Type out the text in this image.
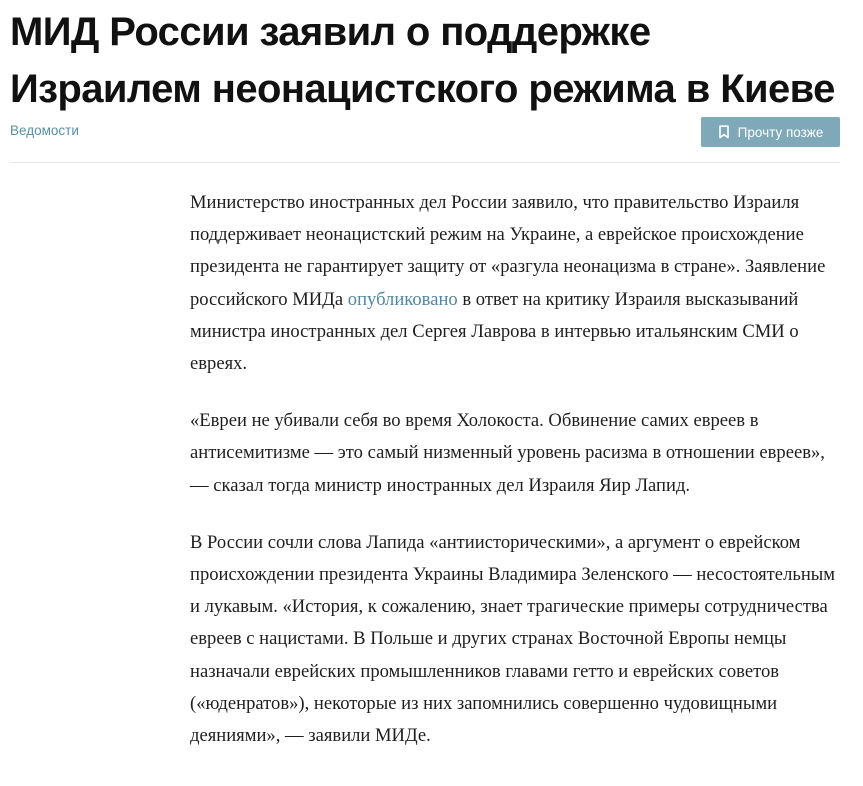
МИД России заявил о поддержке Израилем неонацистского режима в Киеве
Ведомости	Прочту позже

Министерство иностранных дел России заявило, что правительство Израиля поддерживает неонацистский режим на Украине, а еврейское происхождение президента не гарантирует защиту от «разгула неонацизма в стране». Заявление российского МИДа опубликовано в ответ на критику Израиля высказываний министра иностранных дел Сергея Лаврова в интервью итальянским СМИ о евреях.

«Евреи не убивали себя во время Холокоста. Обвинение самих евреев в антисемитизме — это самый низменный уровень расизма в отношении евреев», — сказал тогда министр иностранных дел Израиля Яир Лапид.

В России сочли слова Лапида «антиисторическими», а аргумент о еврейском происхождении президента Украины Владимира Зеленского — несостоятельным и лукавым. «История, к сожалению, знает трагические примеры сотрудничества евреев с нацистами. В Польше и других странах Восточной Европы немцы назначали еврейских промышленников главами гетто и еврейских советов («юденратов»), некоторые из них запомнились совершенно чудовищными деяниями», — заявили МИДе.
